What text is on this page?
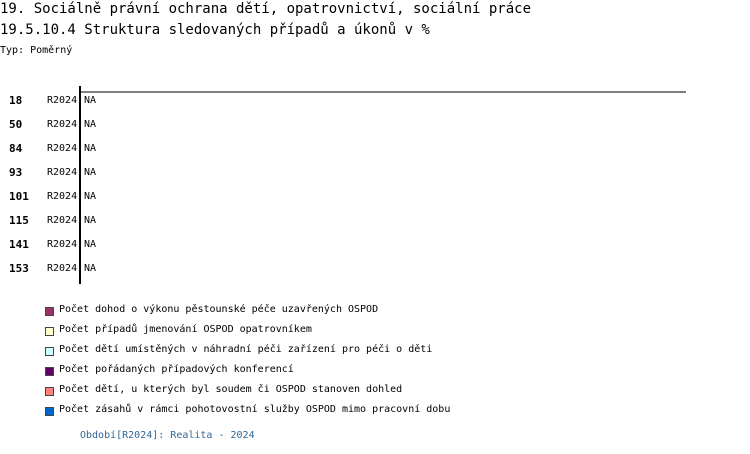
19. Sociálně právní ochrana dětí, opatrovnictví, sociální práce
19.5.10.4 Struktura sledovaných případů a úkonů v %
Typ: Poměrný
18 R2024 NA
50 R2024 NA
84 R2024 NA
93 R2024 NA
101 R2024 NA
115 R2024 NA
141 R2024 NA
153 R2024 NA
Počet dohod o výkonu pěstounské péče uzavřených OSPOD
Počet případů jmenování OSPOD opatrovníkem
Počet dětí umístěných v náhradní péči zařízení pro péči o děti
Počet pořádaných případových konferencí
Počet dětí, u kterých byl soudem či OSPOD stanoven dohled
Počet zásahů v rámci pohotovostní služby OSPOD mimo pracovní dobu
Období[R2024]: Realita - 2024
